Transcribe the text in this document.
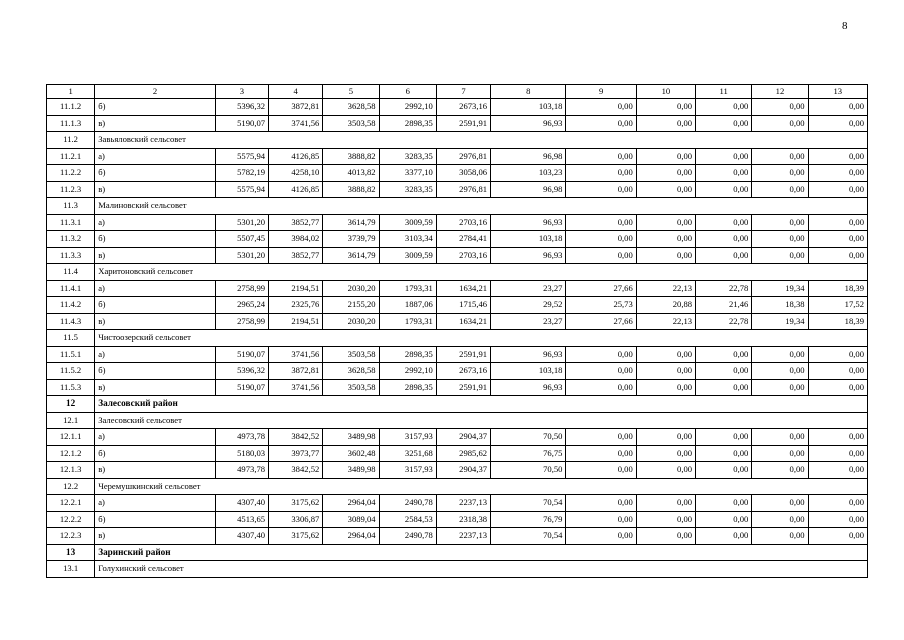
8
1	2	3	4	5	6	7	8	9	10	11	12	13
11.1.2	б)	5396,32	3872,81	3628,58	2992,10	2673,16	103,18	0,00	0,00	0,00	0,00	0,00
11.1.3	в)	5190,07	3741,56	3503,58	2898,35	2591,91	96,93	0,00	0,00	0,00	0,00	0,00
11.2	Завьяловский сельсовет											
11.2.1	а)	5575,94	4126,85	3888,82	3283,35	2976,81	96,98	0,00	0,00	0,00	0,00	0,00
11.2.2	б)	5782,19	4258,10	4013,82	3377,10	3058,06	103,23	0,00	0,00	0,00	0,00	0,00
11.2.3	в)	5575,94	4126,85	3888,82	3283,35	2976,81	96,98	0,00	0,00	0,00	0,00	0,00
11.3	Малиновский сельсовет											
11.3.1	а)	5301,20	3852,77	3614,79	3009,59	2703,16	96,93	0,00	0,00	0,00	0,00	0,00
11.3.2	б)	5507,45	3984,02	3739,79	3103,34	2784,41	103,18	0,00	0,00	0,00	0,00	0,00
11.3.3	в)	5301,20	3852,77	3614,79	3009,59	2703,16	96,93	0,00	0,00	0,00	0,00	0,00
11.4	Харитоновский сельсовет											
11.4.1	а)	2758,99	2194,51	2030,20	1793,31	1634,21	23,27	27,66	22,13	22,78	19,34	18,39
11.4.2	б)	2965,24	2325,76	2155,20	1887,06	1715,46	29,52	25,73	20,88	21,46	18,38	17,52
11.4.3	в)	2758,99	2194,51	2030,20	1793,31	1634,21	23,27	27,66	22,13	22,78	19,34	18,39
11.5	Чистоозерский сельсовет											
11.5.1	а)	5190,07	3741,56	3503,58	2898,35	2591,91	96,93	0,00	0,00	0,00	0,00	0,00
11.5.2	б)	5396,32	3872,81	3628,58	2992,10	2673,16	103,18	0,00	0,00	0,00	0,00	0,00
11.5.3	в)	5190,07	3741,56	3503,58	2898,35	2591,91	96,93	0,00	0,00	0,00	0,00	0,00
12	Залесовский район											
12.1	Залесовский сельсовет											
12.1.1	а)	4973,78	3842,52	3489,98	3157,93	2904,37	70,50	0,00	0,00	0,00	0,00	0,00
12.1.2	б)	5180,03	3973,77	3602,48	3251,68	2985,62	76,75	0,00	0,00	0,00	0,00	0,00
12.1.3	в)	4973,78	3842,52	3489,98	3157,93	2904,37	70,50	0,00	0,00	0,00	0,00	0,00
12.2	Черемушкинский сельсовет											
12.2.1	а)	4307,40	3175,62	2964,04	2490,78	2237,13	70,54	0,00	0,00	0,00	0,00	0,00
12.2.2	б)	4513,65	3306,87	3089,04	2584,53	2318,38	76,79	0,00	0,00	0,00	0,00	0,00
12.2.3	в)	4307,40	3175,62	2964,04	2490,78	2237,13	70,54	0,00	0,00	0,00	0,00	0,00
13	Заринский район											
13.1	Голухинский сельсовет											
